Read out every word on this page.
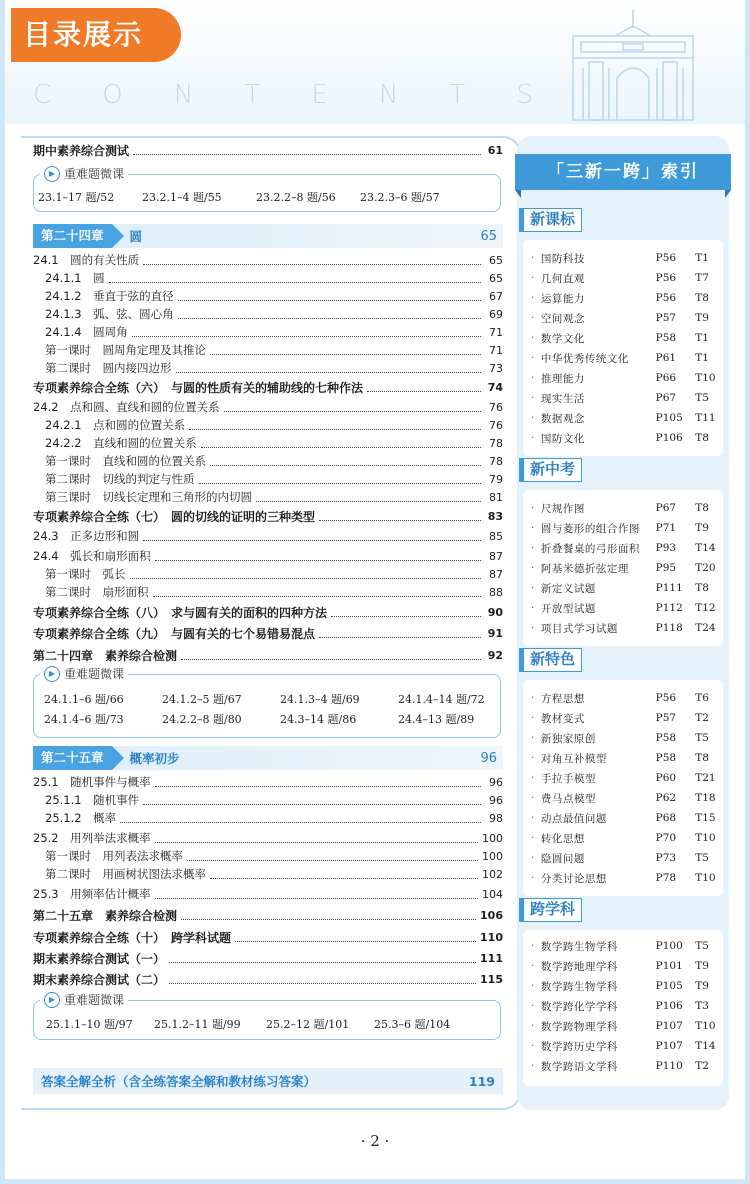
目录展示
C O N T E N T S
答案全解全析（含全练答案全解和教材练习答案）	119
「三新一跨」索引
· 2 ·
期中素养综合测试	61
▶ 重难题微课
23.1–17 题/52	23.2.1–4 题/55	23.2.2–8 题/56 23.2.3–6 题/57
第二十四章	圆	65
24.1　圆的有关性质	65
24.1.1　圆	65
24.1.2　垂直于弦的直径	67
24.1.3　弧、弦、圆心角	69
24.1.4　圆周角	71
第一课时　圆周角定理及其推论	71
第二课时　圆内接四边形	73
专项素养综合全练（六）　与圆的性质有关的辅助线的七种作法	74
24.2　点和圆、直线和圆的位置关系	76
24.2.1　点和圆的位置关系	76
24.2.2　直线和圆的位置关系	78
第一课时　直线和圆的位置关系	78
第二课时　切线的判定与性质	79
第三课时　切线长定理和三角形的内切圆	81
专项素养综合全练（七）　圆的切线的证明的三种类型	83
24.3　正多边形和圆	85
24.4　弧长和扇形面积	87
第一课时　弧长	87
第二课时　扇形面积	88
专项素养综合全练（八）　求与圆有关的面积的四种方法	90
专项素养综合全练（九）　与圆有关的七个易错易混点	91
第二十四章　素养综合检测	92
▶ 重难题微课
24.1.1–6 题/66	24.1.2–5 题/67	24.1.3–4 题/69	24.1.4–14 题/72
24.1.4–6 题/73	24.2.2–8 题/80	24.3–14 题/86	24.4–13 题/89
第二十五章	概率初步	96
25.1　随机事件与概率	96
25.1.1　随机事件	96
25.1.2　概率	98
25.2　用列举法求概率	100
第一课时　用列表法求概率	100
第二课时　用画树状图法求概率	102
25.3　用频率估计概率	104
第二十五章　素养综合检测	106
专项素养综合全练（十）　跨学科试题	110
期末素养综合测试（一）	111
期末素养综合测试（二）	115
▶ 重难题微课
25.1.1–10 题/97 25.1.2–11 题/99 25.2–12 题/101 25.3–6 题/104
新课标
· 国防科技	P56	T1
· 几何直观	P56	T7
· 运算能力	P56	T8
· 空间观念	P57	T9
· 数学文化	P58	T1
· 中华优秀传统文化	P61	T1
· 推理能力	P66	T10
· 现实生活	P67	T5
· 数据观念	P105	T11
· 国防文化	P106	T8
新中考
· 尺规作图	P67	T8
· 圆与菱形的组合作图	P71	T9
· 折叠餐桌的弓形面积	P93	T14
· 阿基米德折弦定理	P95	T20
· 新定义试题	P111	T8
· 开放型试题	P112	T12
· 项目式学习试题	P118	T24
新特色
· 方程思想	P56	T6
· 教材变式	P57	T2
· 新独家原创	P58	T5
· 对角互补模型	P58	T8
· 手拉手模型	P60	T21
· 费马点模型	P62	T18
· 动点最值问题	P68	T15
· 转化思想	P70	T10
· 隐圆问题	P73	T5
· 分类讨论思想	P78	T10
跨学科
· 数学跨生物学科	P100	T5
· 数学跨地理学科	P101	T9
· 数学跨生物学科	P105	T9
· 数学跨化学学科	P106	T3
· 数学跨物理学科	P107	T10
· 数学跨历史学科	P107	T14
· 数学跨语文学科	P110	T2
